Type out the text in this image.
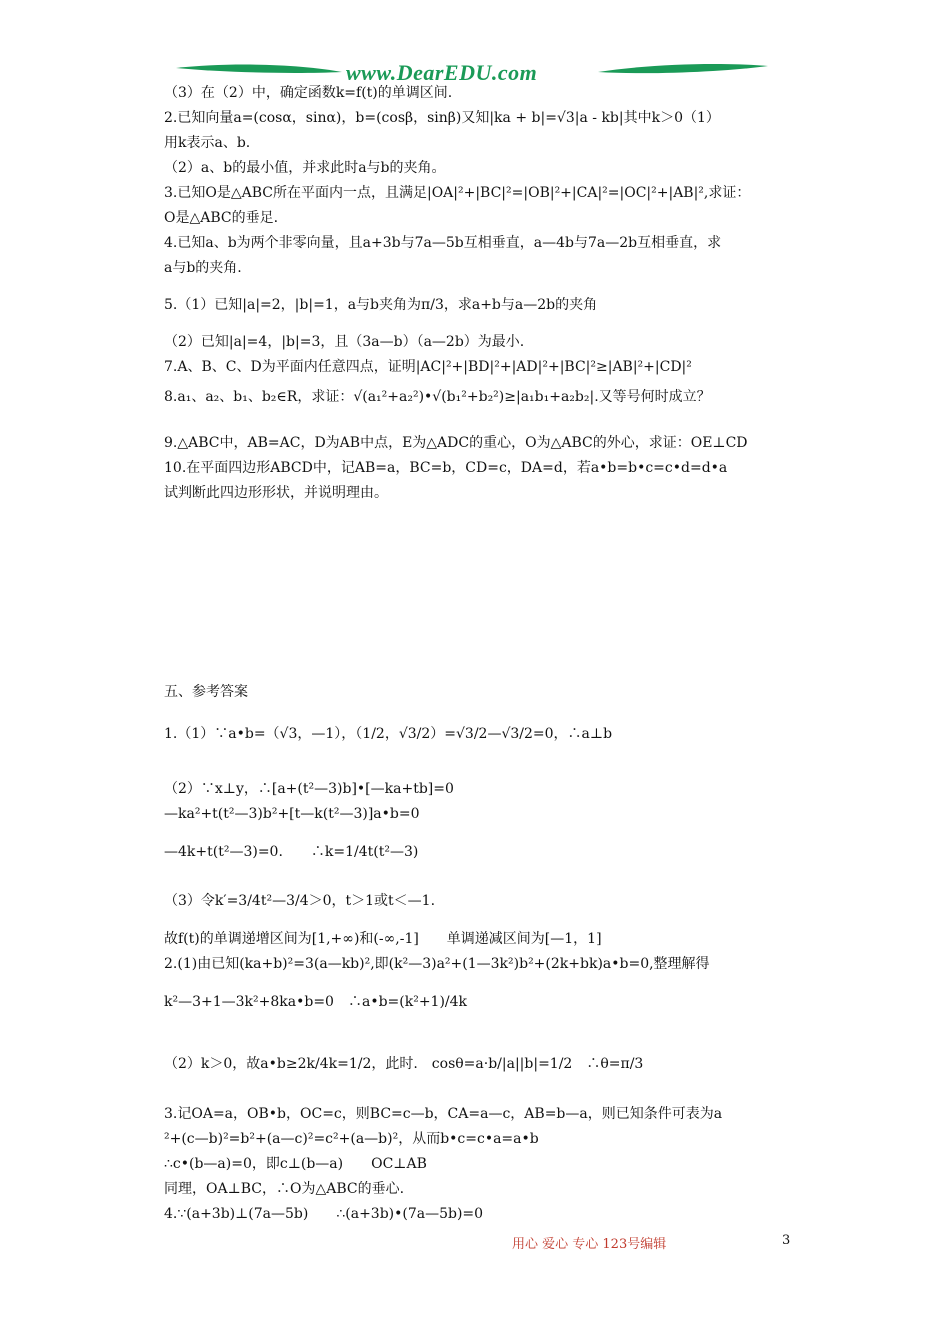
www.DearEDU.com
（3）在（2）中，确定函数k=f(t)的单调区间.
2.已知向量a=(cosα，sinα)，b=(cosβ，sinβ)又知|ka + b|=√3|a - kb|其中k＞0（1）
用k表示a、b.
（2）a、b的最小值，并求此时a与b的夹角。
3.已知O是△ABC所在平面内一点，且满足|OA|²+|BC|²=|OB|²+|CA|²=|OC|²+|AB|²,求证：
O是△ABC的垂足.
4.已知a、b为两个非零向量，且a+3b与7a—5b互相垂直，a—4b与7a—2b互相垂直，求
a与b的夹角.
5.（1）已知|a|=2，|b|=1，a与b夹角为π/3，求a+b与a—2b的夹角
（2）已知|a|=4，|b|=3，且（3a—b）（a—2b）为最小.
7.A、B、C、D为平面内任意四点，证明|AC|²+|BD|²+|AD|²+|BC|²≥|AB|²+|CD|²
8.a₁、a₂、b₁、b₂∈R，求证：√(a₁²+a₂²)•√(b₁²+b₂²)≥|a₁b₁+a₂b₂|.又等号何时成立？
9.△ABC中，AB=AC，D为AB中点，E为△ADC的重心，O为△ABC的外心，求证：OE⊥CD
10.在平面四边形ABCD中，记AB=a，BC=b，CD=c，DA=d，若a•b=b•c=c•d=d•a
试判断此四边形形状，并说明理由。
五、参考答案
1.（1）∵a•b=（√3，—1），（1/2，√3/2）=√3/2—√3/2=0，∴a⊥b
（2）∵x⊥y，∴[a+(t²—3)b]•[—ka+tb]=0
—ka²+t(t²—3)b²+[t—k(t²—3)]a•b=0
—4k+t(t²—3)=0.　　∴k=1/4t(t²—3)
（3）令k′=3/4t²—3/4＞0，t＞1或t＜—1.
故f(t)的单调递增区间为[1,+∞)和(-∞,-1]　　单调递减区间为[—1，1]
2.(1)由已知(ka+b)²=3(a—kb)²,即(k²—3)a²+(1—3k²)b²+(2k+bk)a•b=0,整理解得
k²—3+1—3k²+8ka•b=0　∴a•b=(k²+1)/4k
（2）k＞0，故a•b≥2k/4k=1/2，此时.　cosθ=a·b/|a||b|=1/2　∴θ=π/3
3.记OA=a，OB•b，OC=c，则BC=c—b，CA=a—c，AB=b—a，则已知条件可表为a
²+(c—b)²=b²+(a—c)²=c²+(a—b)²，从而b•c=c•a=a•b
∴c•(b—a)=0，即c⊥(b—a)　　OC⊥AB
同理，OA⊥BC，∴O为△ABC的垂心.
4.∵(a+3b)⊥(7a—5b)　　∴(a+3b)•(7a—5b)=0
用心 爱心 专心 123号编辑	3
